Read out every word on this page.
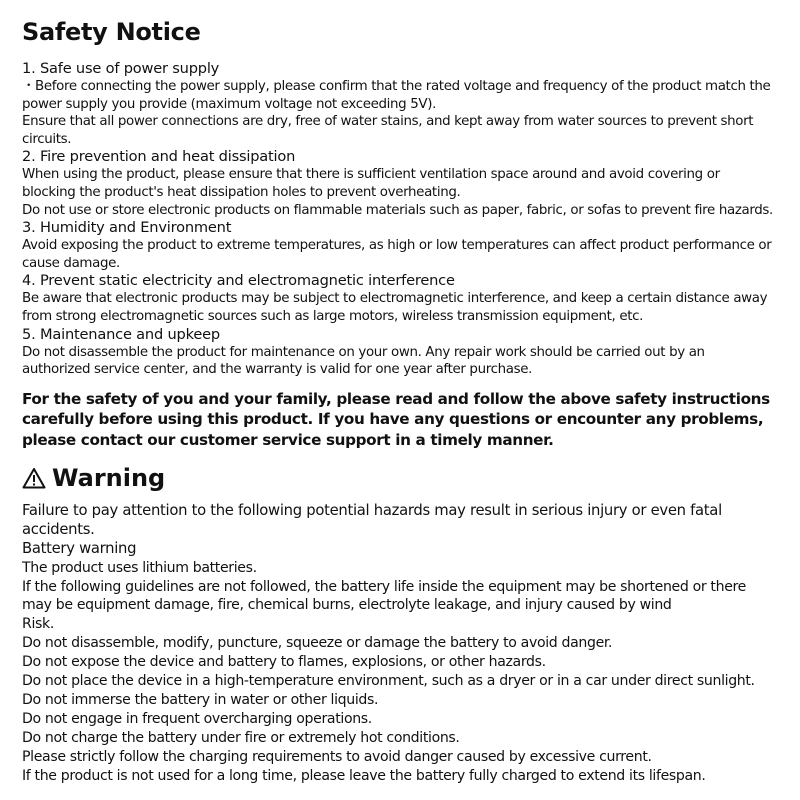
Safety Notice

1. Safe use of power supply

・Before connecting the power supply, please confirm that the rated voltage and frequency of the product match the

power supply you provide (maximum voltage not exceeding 5V).

Ensure that all power connections are dry, free of water stains, and kept away from water sources to prevent short

circuits.

2. Fire prevention and heat dissipation

When using the product, please ensure that there is sufficient ventilation space around and avoid covering or

blocking the product's heat dissipation holes to prevent overheating.

Do not use or store electronic products on flammable materials such as paper, fabric, or sofas to prevent fire hazards.

3. Humidity and Environment

Avoid exposing the product to extreme temperatures, as high or low temperatures can affect product performance or

cause damage.

4. Prevent static electricity and electromagnetic interference

Be aware that electronic products may be subject to electromagnetic interference, and keep a certain distance away

from strong electromagnetic sources such as large motors, wireless transmission equipment, etc.

5. Maintenance and upkeep

Do not disassemble the product for maintenance on your own. Any repair work should be carried out by an

authorized service center, and the warranty is valid for one year after purchase.

For the safety of you and your family, please read and follow the above safety instructions
carefully before using this product. If you have any questions or encounter any problems,
please contact our customer service support in a timely manner.
Warning

Failure to pay attention to the following potential hazards may result in serious injury or even fatal

accidents.

Battery warning

The product uses lithium batteries.

If the following guidelines are not followed, the battery life inside the equipment may be shortened or there

may be equipment damage, fire, chemical burns, electrolyte leakage, and injury caused by wind

Risk.

Do not disassemble, modify, puncture, squeeze or damage the battery to avoid danger.

Do not expose the device and battery to flames, explosions, or other hazards.

Do not place the device in a high-temperature environment, such as a dryer or in a car under direct sunlight.

Do not immerse the battery in water or other liquids.

Do not engage in frequent overcharging operations.

Do not charge the battery under fire or extremely hot conditions.

Please strictly follow the charging requirements to avoid danger caused by excessive current.

If the product is not used for a long time, please leave the battery fully charged to extend its lifespan.
